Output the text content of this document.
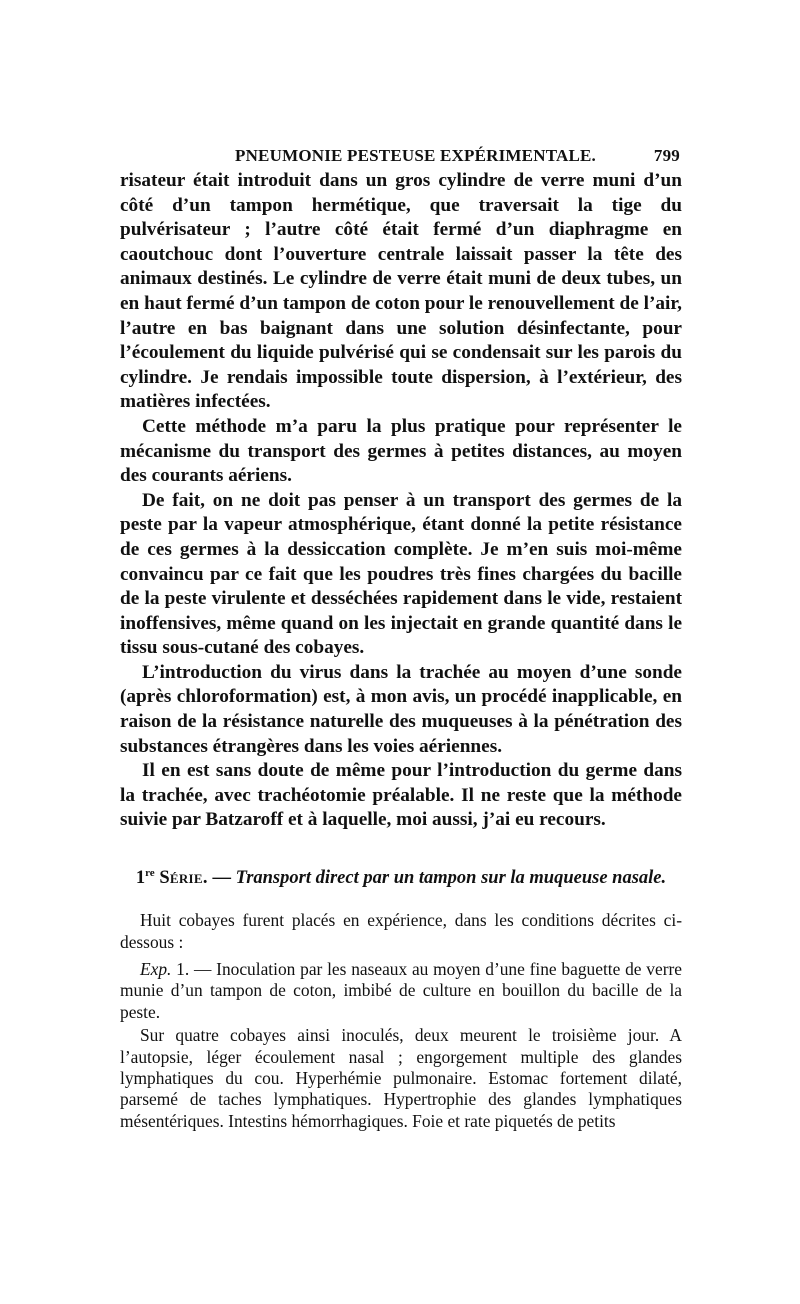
PNEUMONIE PESTEUSE EXPÉRIMENTALE.	799

risateur était introduit dans un gros cylindre de verre muni d’un côté d’un tampon hermétique, que traversait la tige du pulvérisateur ; l’autre côté était fermé d’un diaphragme en caoutchouc dont l’ouverture centrale laissait passer la tête des animaux destinés. Le cylindre de verre était muni de deux tubes, un en haut fermé d’un tampon de coton pour le renouvellement de l’air, l’autre en bas baignant dans une solution désinfectante, pour l’écoulement du liquide pulvérisé qui se condensait sur les parois du cylindre. Je rendais impossible toute dispersion, à l’extérieur, des matières infectées.

Cette méthode m’a paru la plus pratique pour représenter le mécanisme du transport des germes à petites distances, au moyen des courants aériens.

De fait, on ne doit pas penser à un transport des germes de la peste par la vapeur atmosphérique, étant donné la petite résistance de ces germes à la dessiccation complète. Je m’en suis moi-même convaincu par ce fait que les poudres très fines chargées du bacille de la peste virulente et desséchées rapidement dans le vide, restaient inoffensives, même quand on les injectait en grande quantité dans le tissu sous-cutané des cobayes.

L’introduction du virus dans la trachée au moyen d’une sonde (après chloroformation) est, à mon avis, un procédé inapplicable, en raison de la résistance naturelle des muqueuses à la pénétration des substances étrangères dans les voies aériennes.

Il en est sans doute de même pour l’introduction du germe dans la trachée, avec trachéotomie préalable. Il ne reste que la méthode suivie par Batzaroff et à laquelle, moi aussi, j’ai eu recours.

1re Série. — Transport direct par un tampon sur la muqueuse nasale.

Huit cobayes furent placés en expérience, dans les conditions décrites ci-dessous :

Exp. 1. — Inoculation par les naseaux au moyen d’une fine baguette de verre munie d’un tampon de coton, imbibé de culture en bouillon du bacille de la peste.

Sur quatre cobayes ainsi inoculés, deux meurent le troisième jour. A l’autopsie, léger écoulement nasal ; engorgement multiple des glandes lymphatiques du cou. Hyperhémie pulmonaire. Estomac fortement dilaté, parsemé de taches lymphatiques. Hypertrophie des glandes lymphatiques mésentériques. Intestins hémorrhagiques. Foie et rate piquetés de petits
